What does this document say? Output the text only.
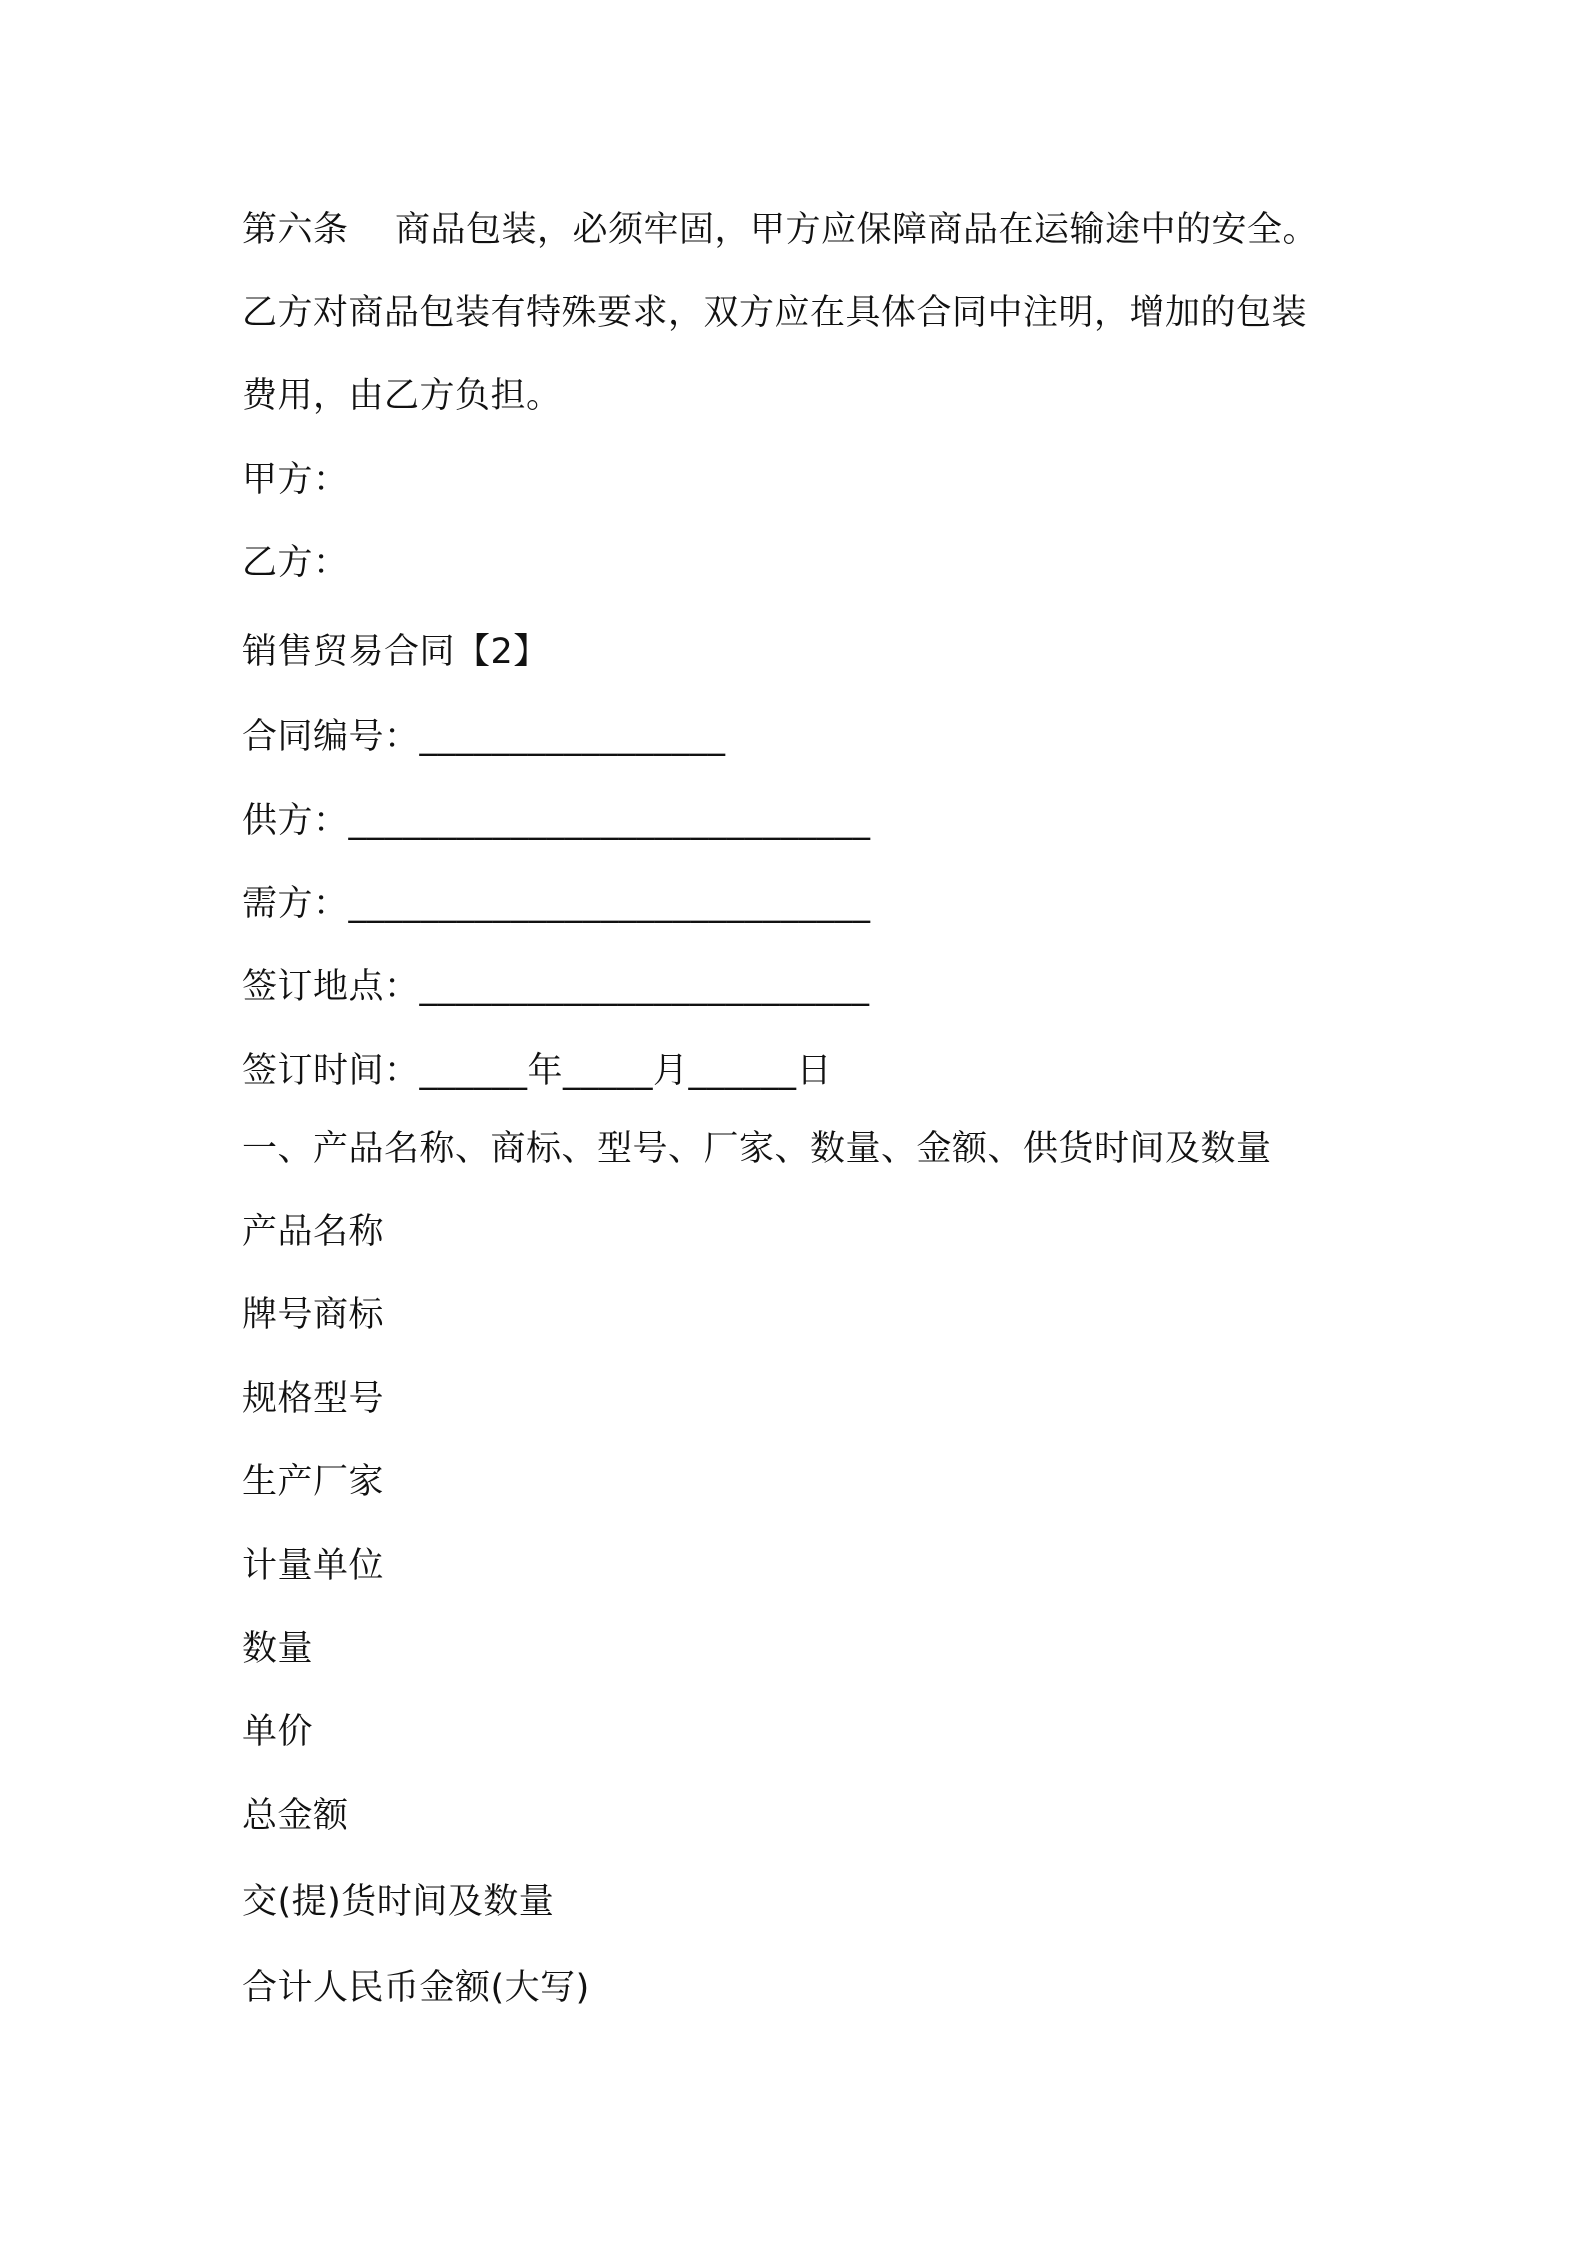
第六条    商品包装，必须牢固，甲方应保障商品在运输途中的安全。
乙方对商品包装有特殊要求，双方应在具体合同中注明，增加的包装
费用，由乙方负担。
甲方：
乙方：
销售贸易合同【2】
合同编号：_________________
供方：_____________________________
需方：_____________________________
签订地点：_________________________
签订时间：______年_____月______日
一、产品名称、商标、型号、厂家、数量、金额、供货时间及数量
产品名称
牌号商标
规格型号
生产厂家
计量单位
数量
单价
总金额
交(提)货时间及数量
合计人民币金额(大写)
